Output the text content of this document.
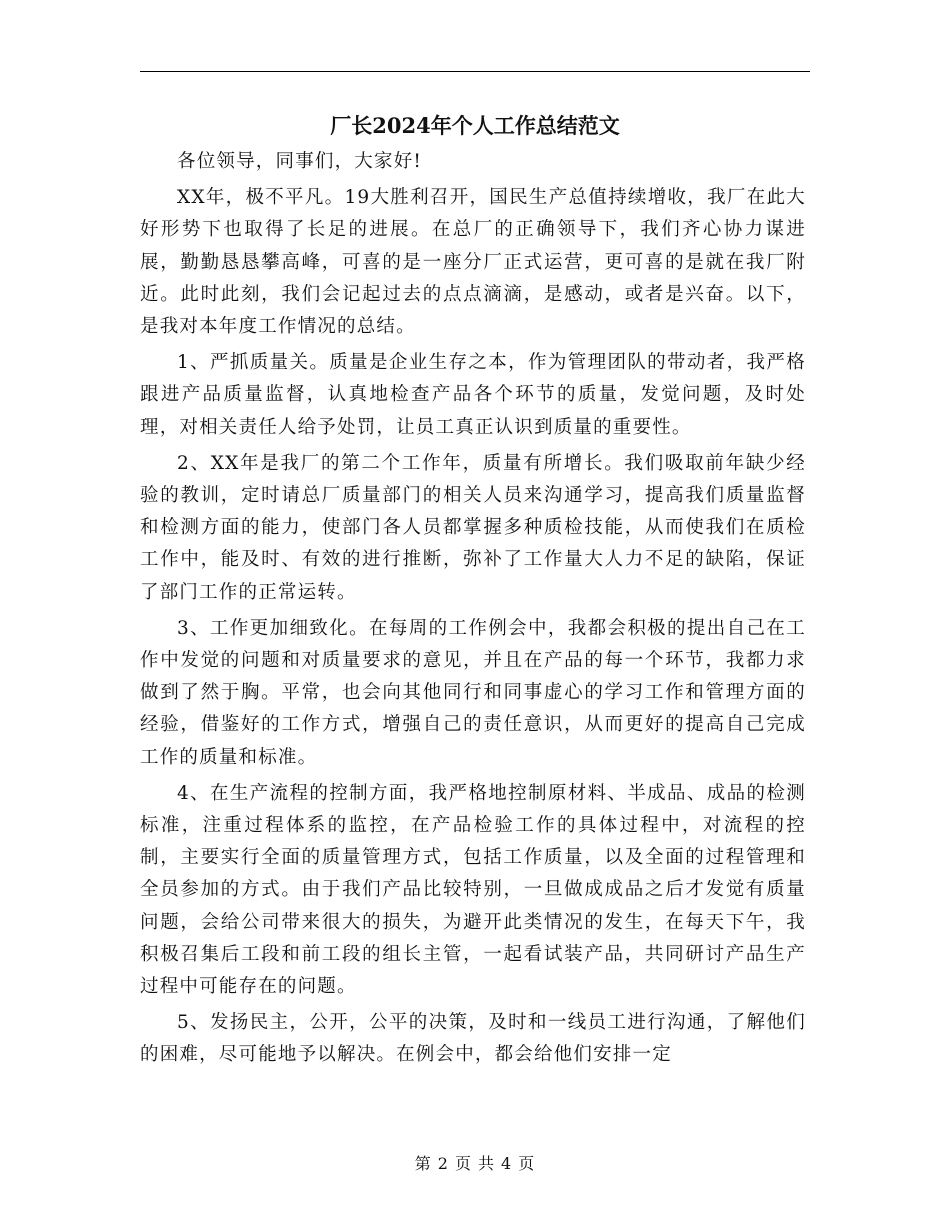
厂长2024年个人工作总结范文

各位领导，同事们，大家好!

XX年，极不平凡。19大胜利召开，国民生产总值持续增收，我厂在此大好形势下也取得了长足的进展。在总厂的正确领导下，我们齐心协力谋进展，勤勤恳恳攀高峰，可喜的是一座分厂正式运营，更可喜的是就在我厂附近。此时此刻，我们会记起过去的点点滴滴，是感动，或者是兴奋。以下，是我对本年度工作情况的总结。

1、严抓质量关。质量是企业生存之本，作为管理团队的带动者，我严格跟进产品质量监督，认真地检查产品各个环节的质量，发觉问题，及时处理，对相关责任人给予处罚，让员工真正认识到质量的重要性。

2、XX年是我厂的第二个工作年，质量有所增长。我们吸取前年缺少经验的教训，定时请总厂质量部门的相关人员来沟通学习，提高我们质量监督和检测方面的能力，使部门各人员都掌握多种质检技能，从而使我们在质检工作中，能及时、有效的进行推断，弥补了工作量大人力不足的缺陷，保证了部门工作的正常运转。

3、工作更加细致化。在每周的工作例会中，我都会积极的提出自己在工作中发觉的问题和对质量要求的意见，并且在产品的每一个环节，我都力求做到了然于胸。平常，也会向其他同行和同事虚心的学习工作和管理方面的经验，借鉴好的工作方式，增强自己的责任意识，从而更好的提高自己完成工作的质量和标准。

4、在生产流程的控制方面，我严格地控制原材料、半成品、成品的检测标准，注重过程体系的监控，在产品检验工作的具体过程中，对流程的控制，主要实行全面的质量管理方式，包括工作质量，以及全面的过程管理和全员参加的方式。由于我们产品比较特别，一旦做成成品之后才发觉有质量问题，会给公司带来很大的损失，为避开此类情况的发生，在每天下午，我积极召集后工段和前工段的组长主管，一起看试装产品，共同研讨产品生产过程中可能存在的问题。

5、发扬民主，公开，公平的决策，及时和一线员工进行沟通，了解他们的困难，尽可能地予以解决。在例会中，都会给他们安排一定

第 2 页 共 4 页
